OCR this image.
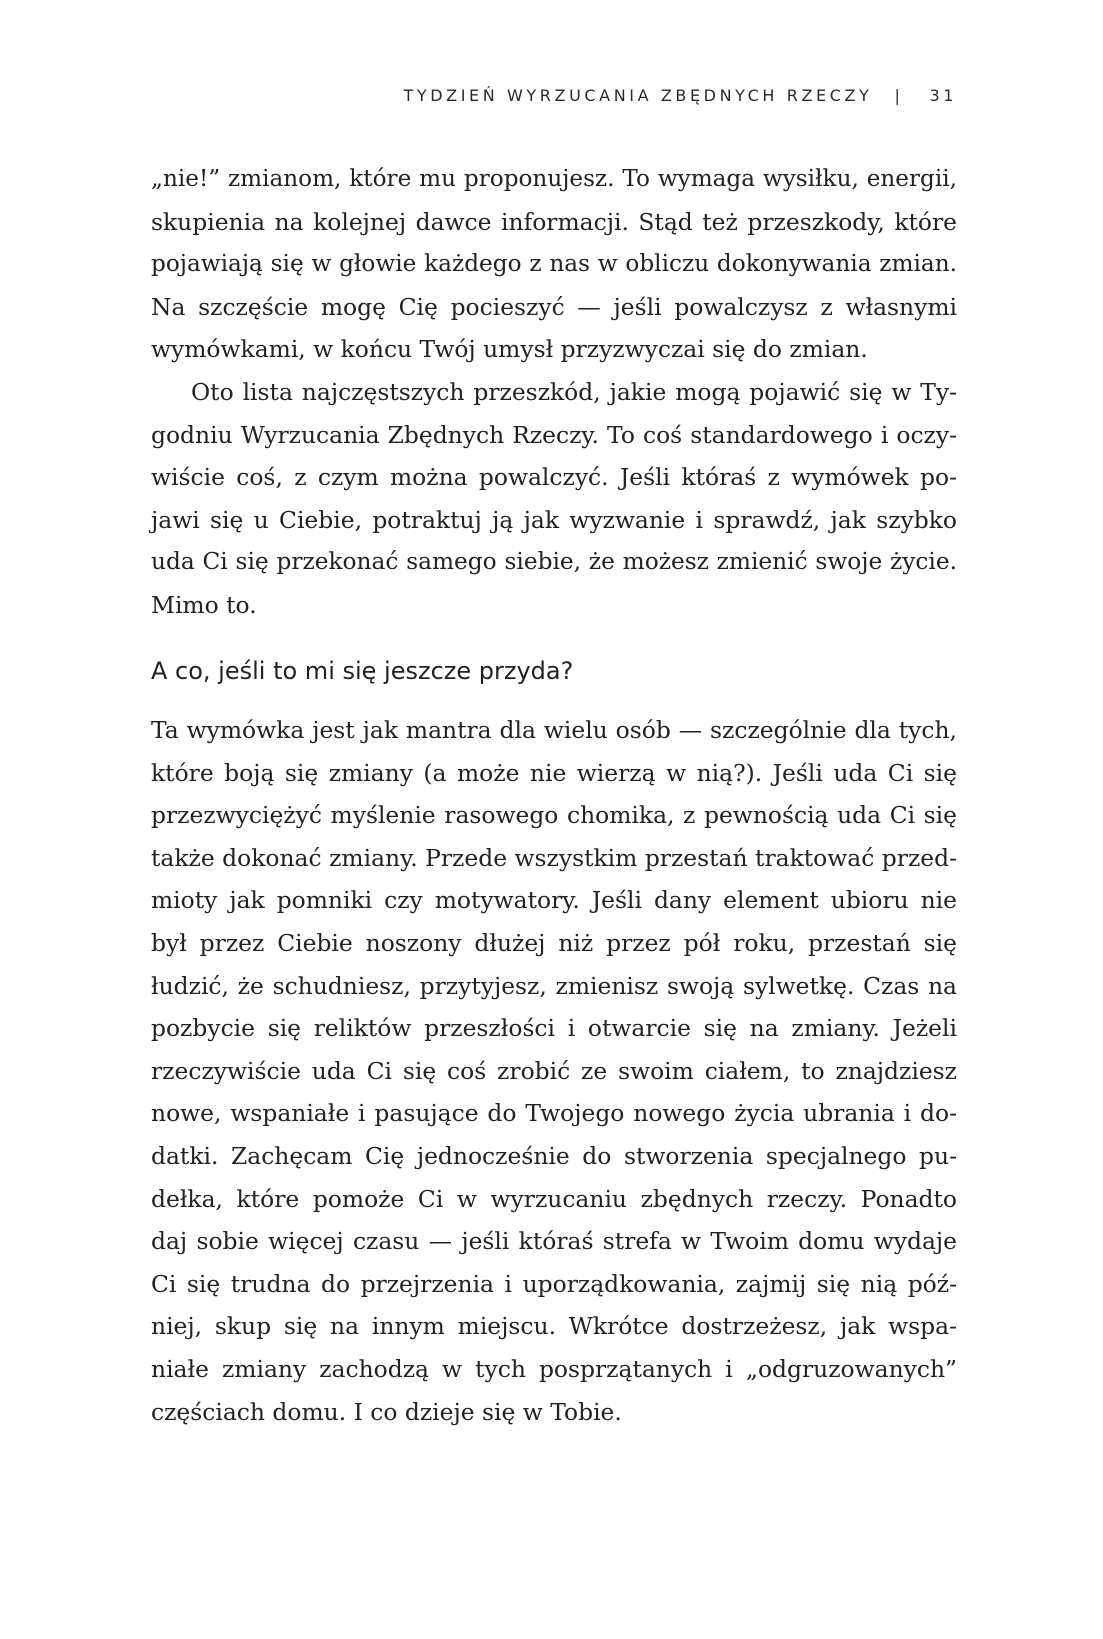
TYDZIEŃ WYRZUCANIA ZBĘDNYCH RZECZY | 31

„nie!” zmianom, które mu proponujesz. To wymaga wysiłku, energii,
skupienia na kolejnej dawce informacji. Stąd też przeszkody, które
pojawiają się w głowie każdego z nas w obliczu dokonywania zmian.
Na szczęście mogę Cię pocieszyć — jeśli powalczysz z własnymi
wymówkami, w końcu Twój umysł przyzwyczai się do zmian.

Oto lista najczęstszych przeszkód, jakie mogą pojawić się w Ty-
godniu Wyrzucania Zbędnych Rzeczy. To coś standardowego i oczy-
wiście coś, z czym można powalczyć. Jeśli któraś z wymówek po-
jawi się u Ciebie, potraktuj ją jak wyzwanie i sprawdź, jak szybko
uda Ci się przekonać samego siebie, że możesz zmienić swoje życie.
Mimo to.

A co, jeśli to mi się jeszcze przyda?

Ta wymówka jest jak mantra dla wielu osób — szczególnie dla tych,
które boją się zmiany (a może nie wierzą w nią?). Jeśli uda Ci się
przezwyciężyć myślenie rasowego chomika, z pewnością uda Ci się
także dokonać zmiany. Przede wszystkim przestań traktować przed-
mioty jak pomniki czy motywatory. Jeśli dany element ubioru nie
był przez Ciebie noszony dłużej niż przez pół roku, przestań się
łudzić, że schudniesz, przytyjesz, zmienisz swoją sylwetkę. Czas na
pozbycie się reliktów przeszłości i otwarcie się na zmiany. Jeżeli
rzeczywiście uda Ci się coś zrobić ze swoim ciałem, to znajdziesz
nowe, wspaniałe i pasujące do Twojego nowego życia ubrania i do-
datki. Zachęcam Cię jednocześnie do stworzenia specjalnego pu-
dełka, które pomoże Ci w wyrzucaniu zbędnych rzeczy. Ponadto
daj sobie więcej czasu — jeśli któraś strefa w Twoim domu wydaje
Ci się trudna do przejrzenia i uporządkowania, zajmij się nią póź-
niej, skup się na innym miejscu. Wkrótce dostrzeżesz, jak wspa-
niałe zmiany zachodzą w tych posprzątanych i „odgruzowanych”
częściach domu. I co dzieje się w Tobie.
